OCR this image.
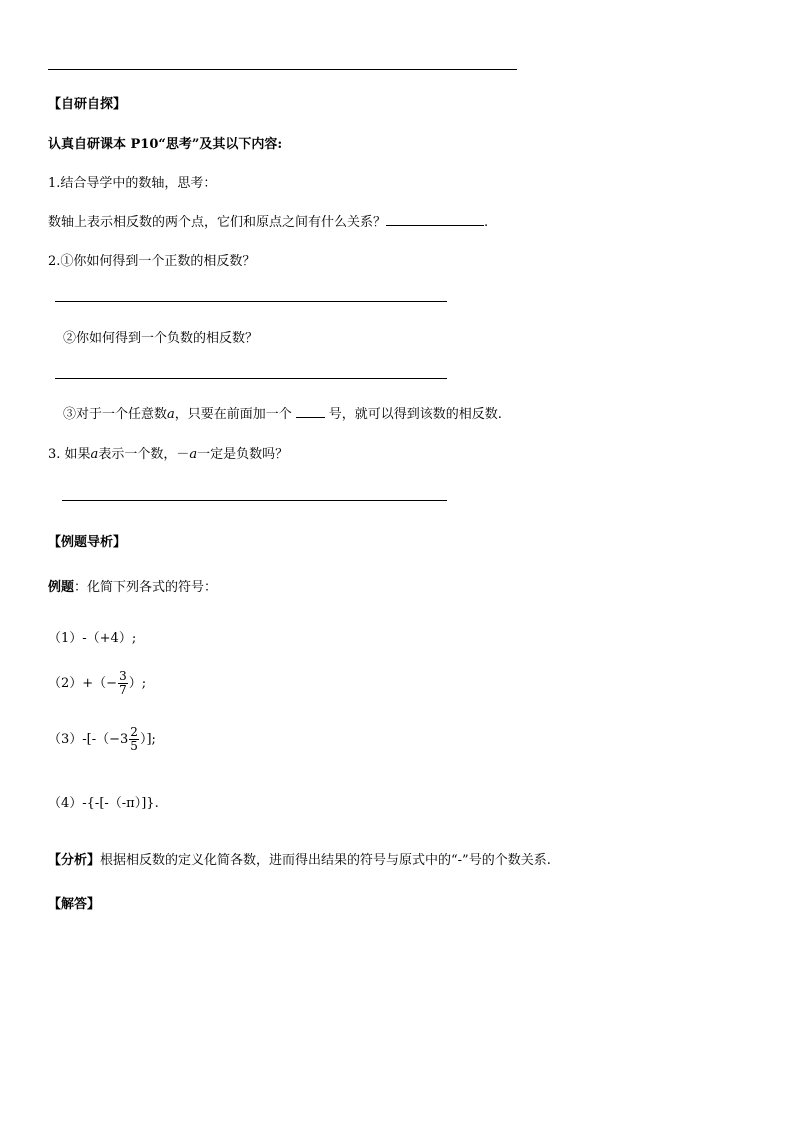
【自研自探】
认真自研课本 P10“思考”及其以下内容:
1.结合导学中的数轴，思考：
数轴上表示相反数的两个点，它们和原点之间有什么关系？	.
2.①你如何得到一个正数的相反数？
②你如何得到一个负数的相反数？
③对于一个任意数a，只要在前面加一个	号，就可以得到该数的相反数.
3. 如果a表示一个数，－a一定是负数吗？
【例题导析】
例题：化简下列各式的符号：
（1）-（+4）;
$(2)+(- \frac{3}{7}$ ）;
$(3)-[-(-3 \frac{2}{5}$ ）];
（4）-{-[-（-π）]}.
【分析】根据相反数的定义化简各数，进而得出结果的符号与原式中的“-”号的个数关系.
【解答】
